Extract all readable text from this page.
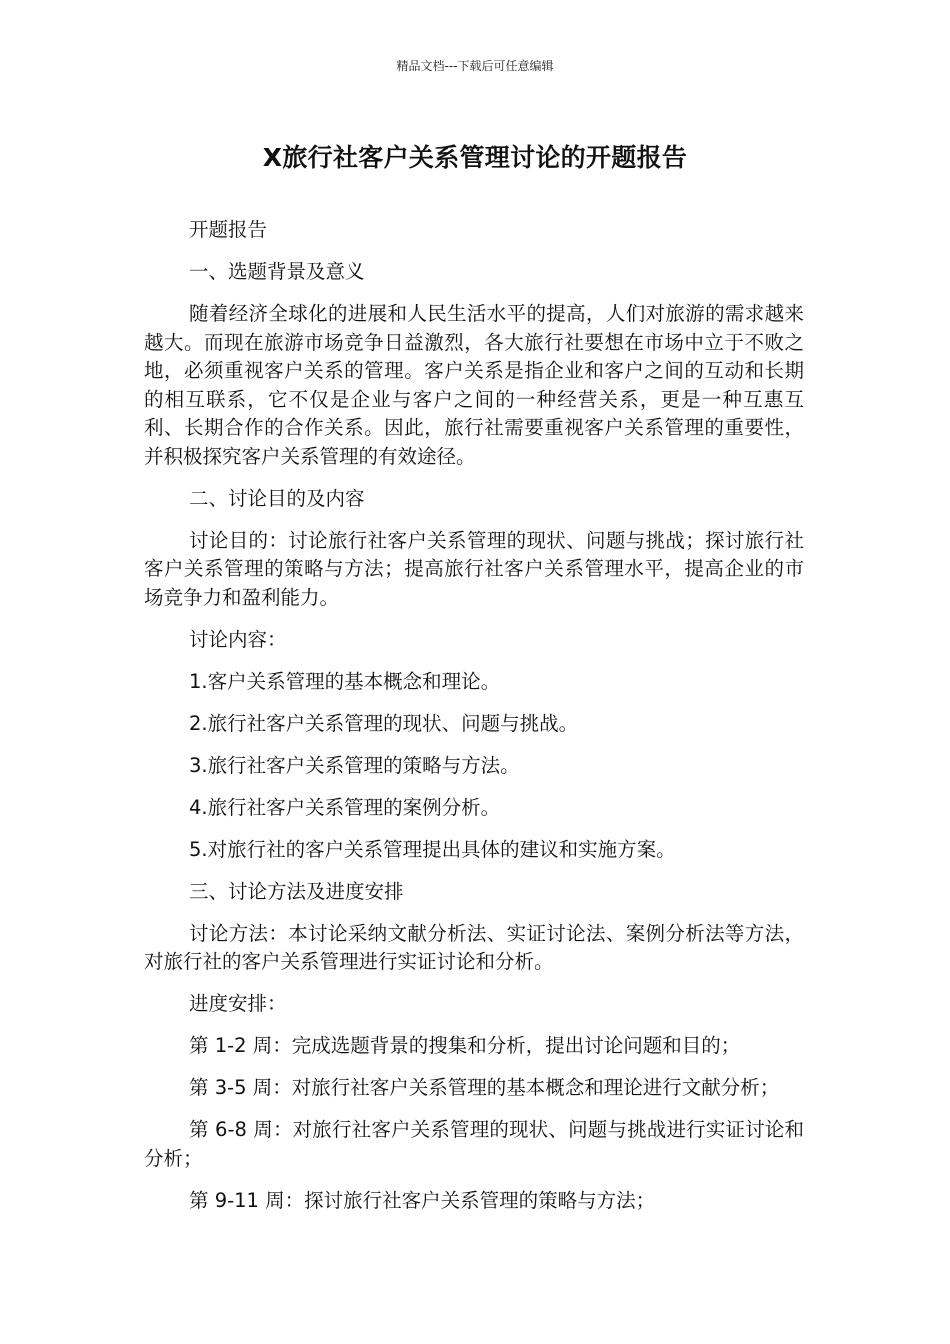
精品文档---下载后可任意编辑
X旅行社客户关系管理讨论的开题报告

开题报告

一、选题背景及意义

随着经济全球化的进展和人民生活水平的提高，人们对旅游的需求越来越大。而现在旅游市场竞争日益激烈，各大旅行社要想在市场中立于不败之地，必须重视客户关系的管理。客户关系是指企业和客户之间的互动和长期的相互联系，它不仅是企业与客户之间的一种经营关系，更是一种互惠互利、长期合作的合作关系。因此，旅行社需要重视客户关系管理的重要性，并积极探究客户关系管理的有效途径。

二、讨论目的及内容

讨论目的：讨论旅行社客户关系管理的现状、问题与挑战；探讨旅行社客户关系管理的策略与方法；提高旅行社客户关系管理水平，提高企业的市场竞争力和盈利能力。

讨论内容：

1.客户关系管理的基本概念和理论。

2.旅行社客户关系管理的现状、问题与挑战。

3.旅行社客户关系管理的策略与方法。

4.旅行社客户关系管理的案例分析。

5.对旅行社的客户关系管理提出具体的建议和实施方案。

三、讨论方法及进度安排

讨论方法：本讨论采纳文献分析法、实证讨论法、案例分析法等方法，对旅行社的客户关系管理进行实证讨论和分析。

进度安排：

第 1-2 周：完成选题背景的搜集和分析，提出讨论问题和目的；

第 3-5 周：对旅行社客户关系管理的基本概念和理论进行文献分析；

第 6-8 周：对旅行社客户关系管理的现状、问题与挑战进行实证讨论和分析；

第 9-11 周：探讨旅行社客户关系管理的策略与方法；
